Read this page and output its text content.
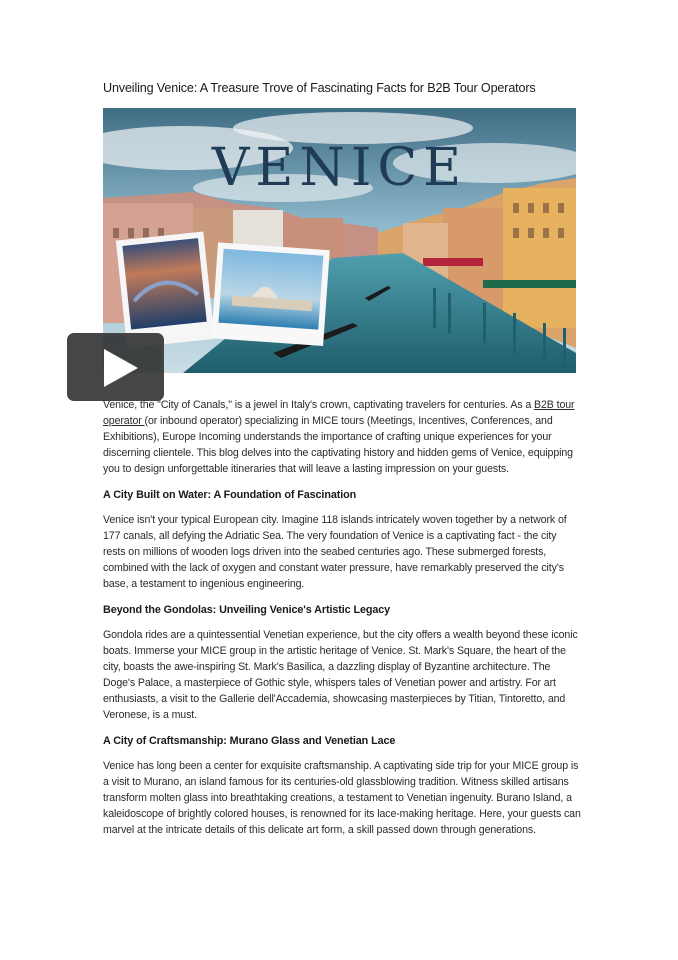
Unveiling Venice: A Treasure Trove of Fascinating Facts for B2B Tour Operators
VENICE

Venice, the "City of Canals," is a jewel in Italy's crown, captivating travelers for centuries. As a B2B tour operator (or inbound operator) specializing in MICE tours (Meetings, Incentives, Conferences, and Exhibitions), Europe Incoming understands the importance of crafting unique experiences for your discerning clientele. This blog delves into the captivating history and hidden gems of Venice, equipping you to design unforgettable itineraries that will leave a lasting impression on your guests.

A City Built on Water: A Foundation of Fascination

Venice isn't your typical European city. Imagine 118 islands intricately woven together by a network of 177 canals, all defying the Adriatic Sea. The very foundation of Venice is a captivating fact - the city rests on millions of wooden logs driven into the seabed centuries ago. These submerged forests, combined with the lack of oxygen and constant water pressure, have remarkably preserved the city's base, a testament to ingenious engineering.

Beyond the Gondolas: Unveiling Venice's Artistic Legacy

Gondola rides are a quintessential Venetian experience, but the city offers a wealth beyond these iconic boats. Immerse your MICE group in the artistic heritage of Venice. St. Mark's Square, the heart of the city, boasts the awe-inspiring St. Mark's Basilica, a dazzling display of Byzantine architecture. The Doge's Palace, a masterpiece of Gothic style, whispers tales of Venetian power and artistry. For art enthusiasts, a visit to the Gallerie dell'Accademia, showcasing masterpieces by Titian, Tintoretto, and Veronese, is a must.

A City of Craftsmanship: Murano Glass and Venetian Lace

Venice has long been a center for exquisite craftsmanship. A captivating side trip for your MICE group is a visit to Murano, an island famous for its centuries-old glassblowing tradition. Witness skilled artisans transform molten glass into breathtaking creations, a testament to Venetian ingenuity. Burano Island, a kaleidoscope of brightly colored houses, is renowned for its lace-making heritage. Here, your guests can marvel at the intricate details of this delicate art form, a skill passed down through generations.
